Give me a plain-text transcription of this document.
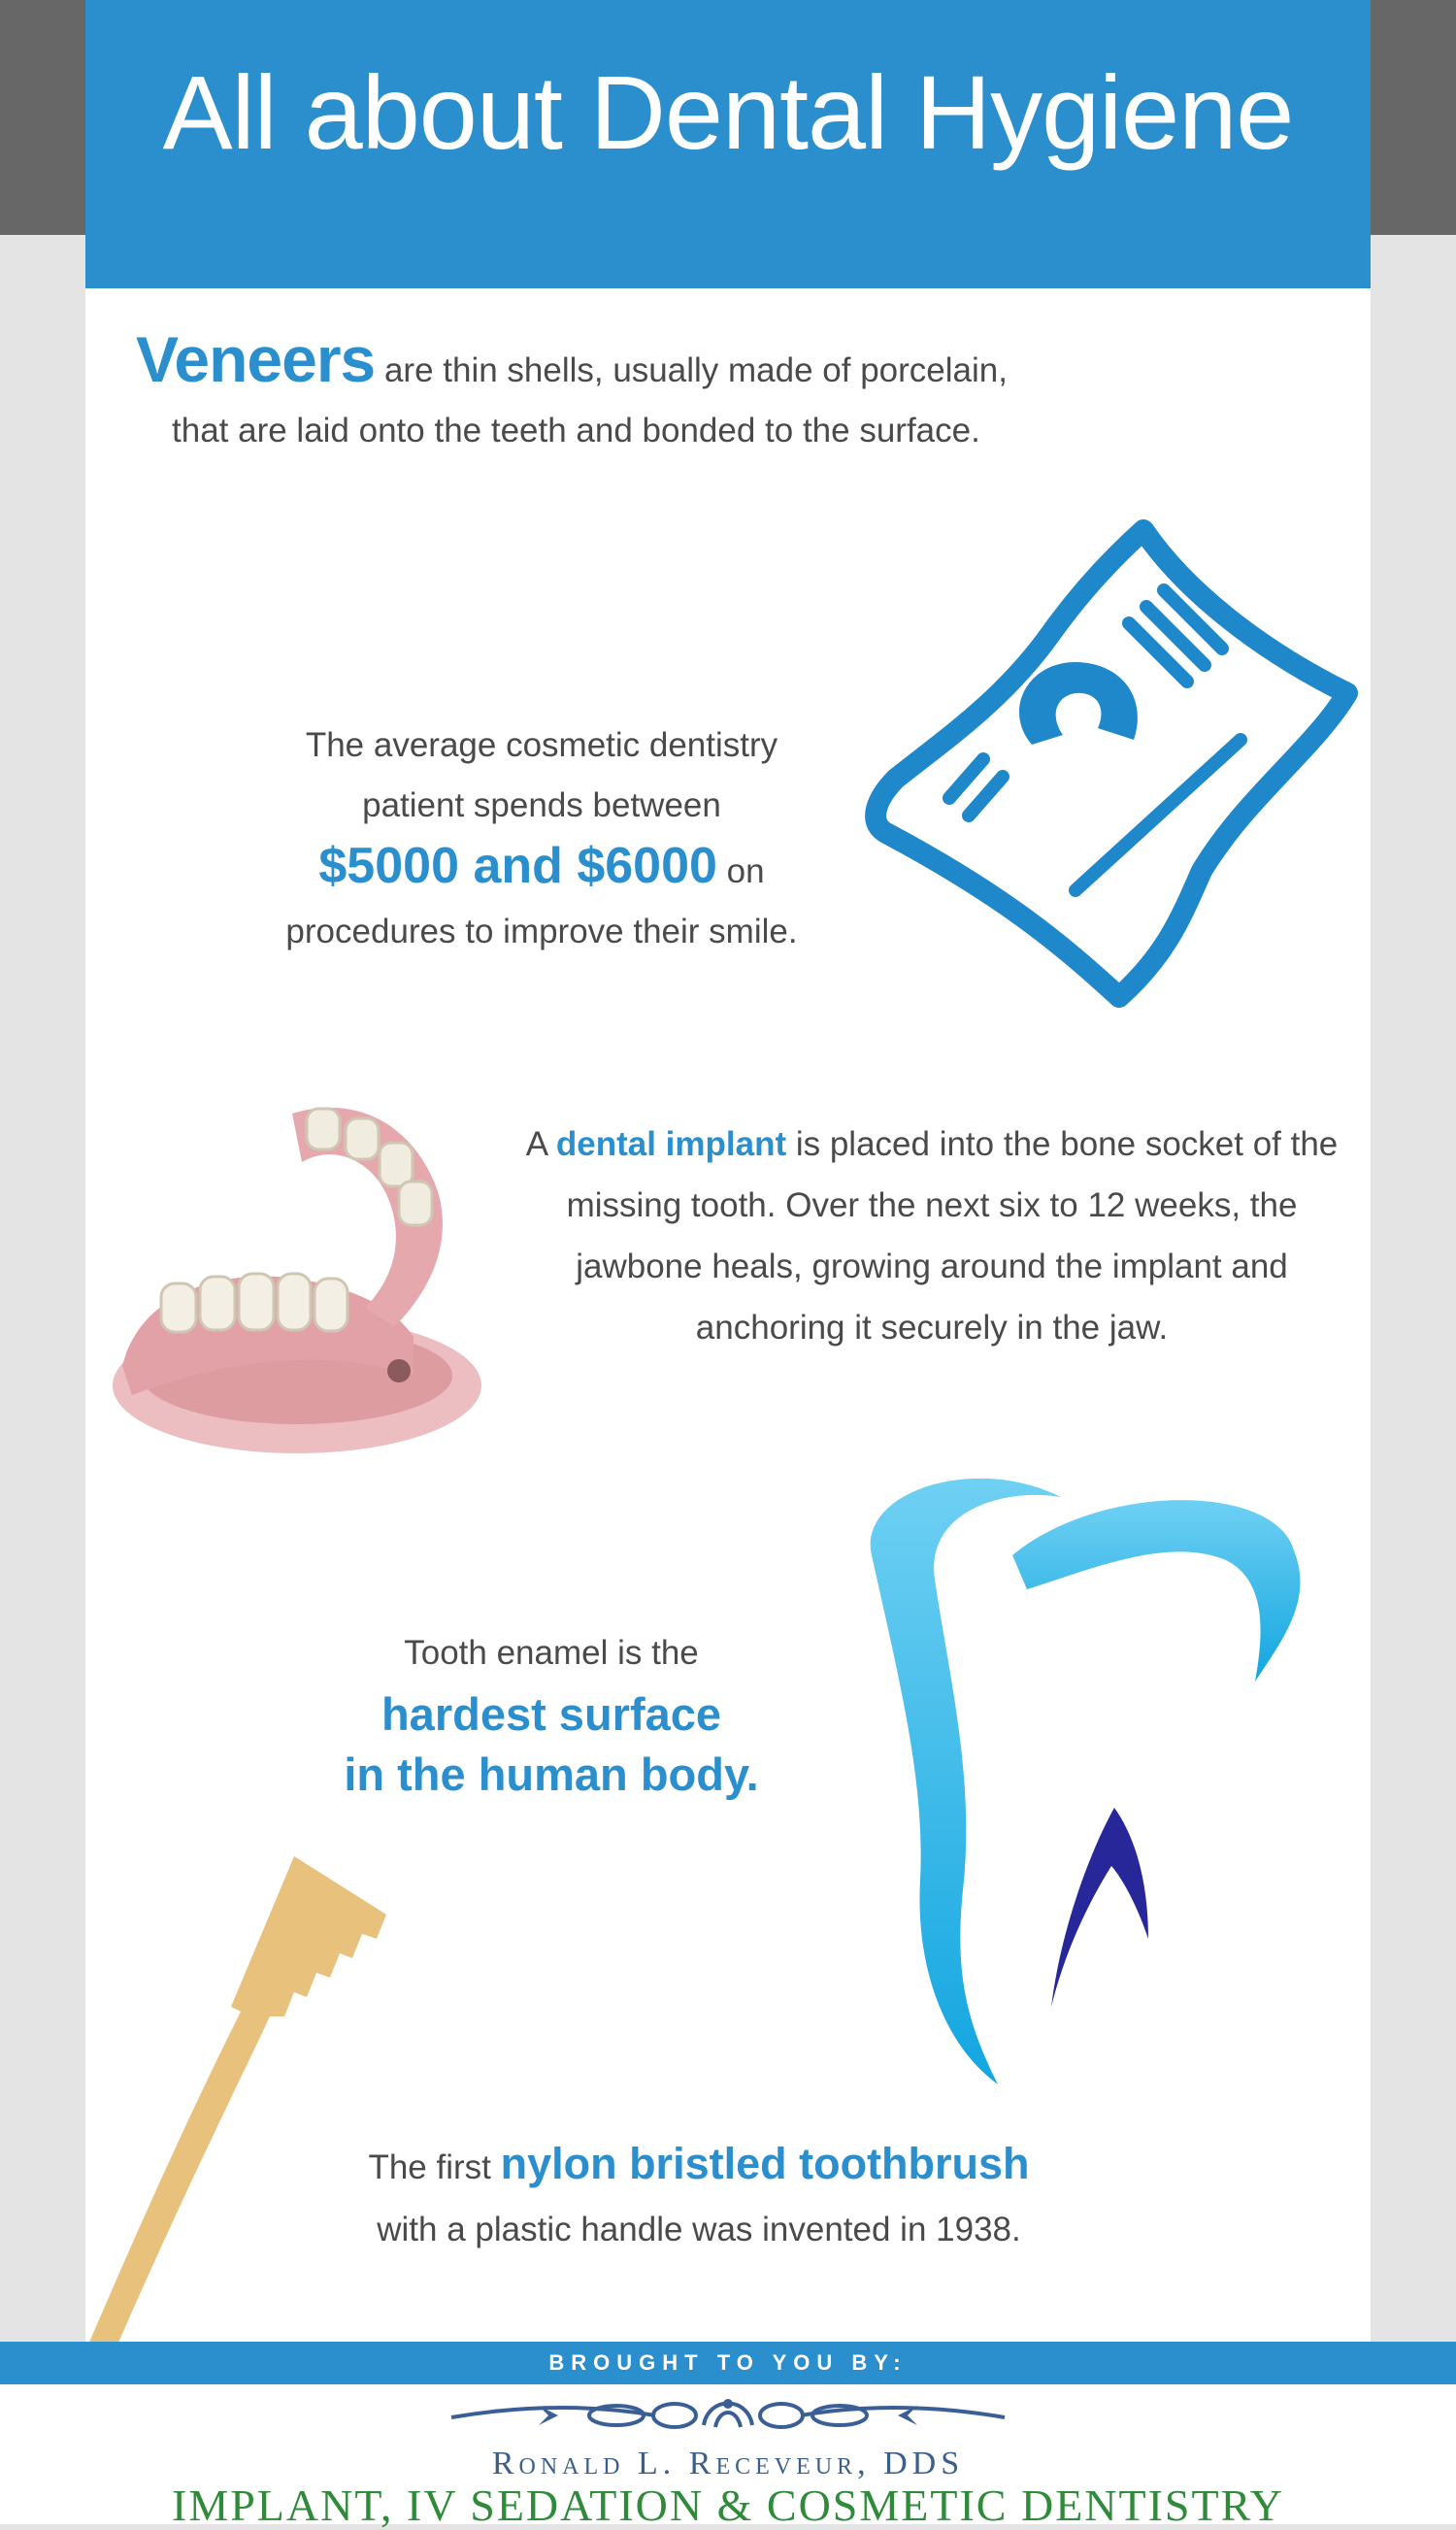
All about Dental Hygiene
Veneers are thin shells, usually made of porcelain,
that are laid onto the teeth and bonded to the surface.
The average cosmetic dentistry
patient spends between
$5000 and $6000 on
procedures to improve their smile.
A dental implant is placed into the bone socket of the missing tooth. Over the next six to 12 weeks, the jawbone heals, growing around the implant and anchoring it securely in the jaw.
Tooth enamel is the
hardest surface
in the human body.
The first nylon bristled toothbrush
with a plastic handle was invented in 1938.
BROUGHT TO YOU BY:
Ronald L. Receveur, DDS
IMPLANT, IV SEDATION & COSMETIC DENTISTRY
